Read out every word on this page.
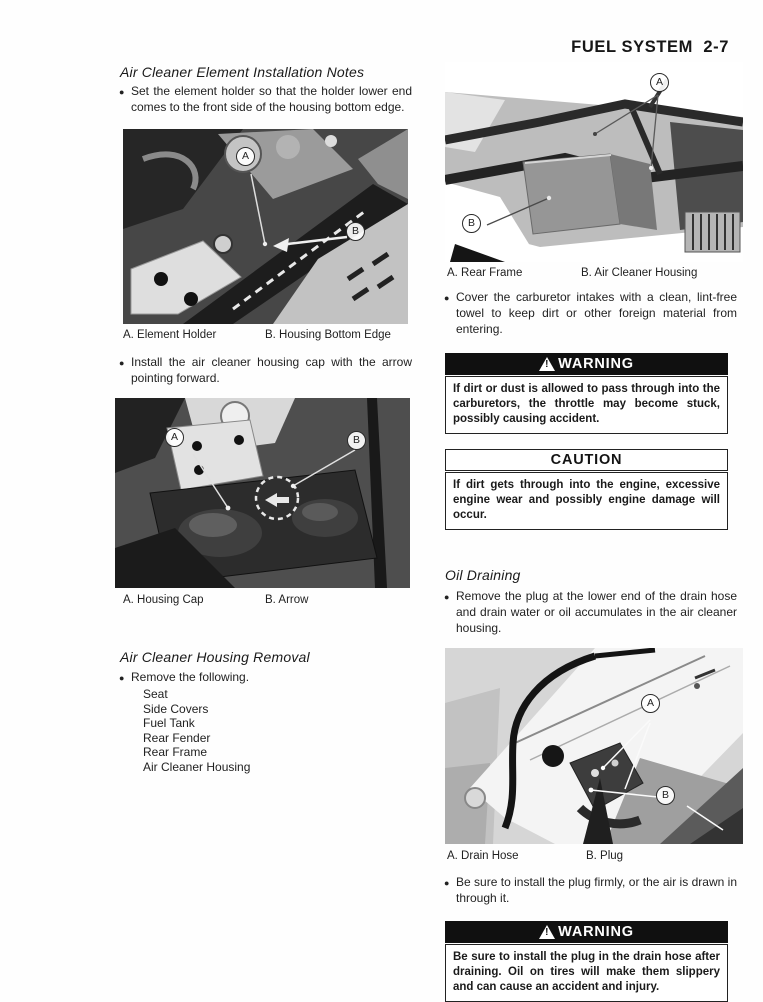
FUEL SYSTEM  2-7
Air Cleaner Element Installation Notes

● Set the element holder so that the holder lower end comes to the front side of the housing bottom edge.

A
B
A. Element Holder	B. Housing Bottom Edge

● Install the air cleaner housing cap with the arrow pointing forward.

A	B
A. Housing Cap	B. Arrow
Air Cleaner Housing Removal

● Remove the following.

Seat
Side Covers
Fuel Tank
Rear Fender
Rear Frame
Air Cleaner Housing
A
B
A. Rear Frame	B. Air Cleaner Housing

● Cover the carburetor intakes with a clean, lint-free towel to keep dirt or other foreign material from entering.

! WARNING
If dirt or dust is allowed to pass through into the carburetors, the throttle may become stuck, possibly causing accident.
CAUTION
If dirt gets through into the engine, excessive engine wear and possibly engine damage will occur.
Oil Draining

● Remove the plug at the lower end of the drain hose and drain water or oil accumulates in the air cleaner housing.

A
B
A. Drain Hose	B. Plug

● Be sure to install the plug firmly, or the air is drawn in through it.

! WARNING
Be sure to install the plug in the drain hose after draining. Oil on tires will make them slippery and can cause an accident and injury.
